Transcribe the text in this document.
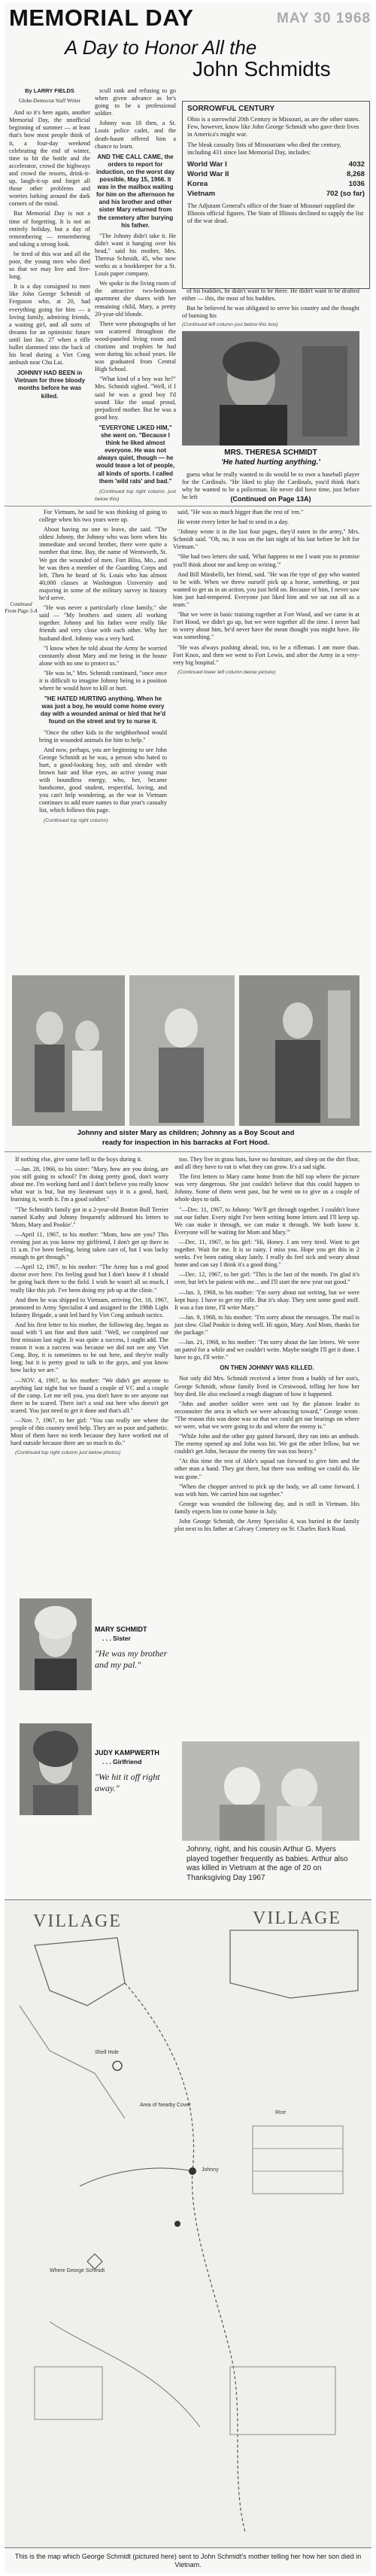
MEMORIAL DAY	MAY 30 1968
A Day to Honor All the
John Schmidts

By LARRY FIELDS

Globe-Democrat Staff Writer

And so it's here again, another Memorial Day, the unofficial beginning of summer — at least that's how most people think of it, a four-day weekend celebrating the end of winter, time to hit the bottle and the accelerator, crowd the highways and crowd the resorts, drink-it-up, laugh-it-up and forget all those other problems and worries lurking around the dark corners of the mind.

But Memorial Day is not a time of forgetting. It is not an entirely holiday, but a day of remembering — remembering and taking a strong look.

be tired of this war and all the poor, the young men who died so that we may live and live-long.

It is a day consigned to men like John George Schmidt of Ferguson who, at 20, had everything going for him — a loving family, admiring friends, a waiting girl, and all sorts of dreams for an optimistic future until last Jan. 27 when a rifle bullet slammed into the back of his head during a Viet Cong ambush near Chu Lai.

JOHNNY HAD BEEN in Vietnam for three bloody months before he was killed.

scull rank and refusing to go when given advance as he's going to be a professional soldier.

Johnny was 18 then, a St. Louis police cadet, and the death-haunt offered him a chance to learn.

AND THE CALL CAME, the orders to report for induction, on the worst day possible, May 15, 1966. It was in the mailbox waiting for him on the afternoon he and his brother and other sister Mary returned from the cemetery after burying his father.

"The Johnny didn't take it. He didn't want it hanging over his head," said his mother, Mrs. Theresa Schmidt, 45, who now works as a bookkeeper for a St. Louis paper company.

We spoke in the living room of the attractive two-bedroom apartment she shares with her remaining child, Mary, a pretty 20-year-old blonde.

There were photographs of her son scattered throughout the wood-paneled living room and citations and trophies he had won during his school years. He was graduated from Central High School.

"What kind of a boy was he?" Mrs. Schmidt sighed. "Well, if I said he was a good boy I'd sound like the usual proud, prejudiced mother. But he was a good boy.

"EVERYONE LIKED HIM," she went on. "Because I think he liked almost everyone. He was not always quiet, though — he would tease a lot of people, all kinds of sports. I called them 'wild rats' and bad."

(Continued top right column, just below this)

SORROWFUL CENTURY

Ohio is a sorrowful 20th Century in Missouri, as are the other states. Few, however, know like John George Schmidt who gave their lives in America's might war.

The bleak casualty lists of Missourians who died the century, including 431 since last Memorial Day, includes:

World War I	4032
World War II	8,268
Korea	1036
Vietnam	702 (so far)

The Adjutant General's office of the State of Missouri supplied the Illinois official figures. The State of Illinois declined to supply the list of the war dead.

of his buddies, he didn't want to be there. He didn't want to be drafted either — this, the most of his buddies.

But he believed he was obligated to serve his country and the thought of burning his

(Continued left column just below this box)
MRS. THERESA SCHMIDT
'He hated hurting anything.'

guess what he really wanted to do would be to own a baseball player for the Cardinals. "He liked to play the Cardinals, you'd think that's why he wanted to be a policeman. He never did have time, just before he left	(Continued on Page 13A)
Continued From Page 3-A

For Vietnam, he said he was thinking of going to college when his two years were up.

About having no one to leave, she said. "The oldest Johnny, the Johnny who was born when his immediate and second brother, there were quite a number that time. Bay, the name of Wentworth, St. We got the wounded of men. Fort Bliss, Mo., and he was then a member of the Guarding Corps and left. Then he heard of St. Louis who has almost 40,000 classes at Washington University and majoring in some of the military survey in history he'd serve.

"He was never a particularly close family," she said — "My brothers and sisters all working together. Johnny and his father were really like friends and very close with each other. Why her husband died. Johnny was a very hard.

"I know when he told about the Army he worried constantly about Mary and me being in the house alone with no one to protect us."

"He was in," Mrs. Schmidt continued, "once once it is difficult to imagine Johnny being in a position where he would have to kill or hurt.

"HE HATED HURTING anything. When he was just a boy, he would come home every day with a wounded animal or bird that he'd found on the street and try to nurse it.

"Once the other kids in the neighborhood would bring in wounded animals for him to help."

And now, perhaps, you are beginning to see John George Schmidt as he was, a person who hated to hurt, a good-looking boy, soft and slender with brown hair and blue eyes, an active young man with boundless energy, who, her, became handsome, good student, respectful, loving, and you can't help wondering, as the war in Vietnam continues to add more names to that year's casualty list, which follows this page.

(Continued top right column)

said, "He was so much bigger than the rest of 'em."

He wrote every letter he had to send in a day.

"Johnny wrote it in the last four pages, they'd eaten in the army," Mrs. Schmidt said. "Oh, no, it was on the last night of his last before he left for Vietnam."

"She had two letters she said, 'What happens to me I want you to promise you'll think about me and keep on writing.'"

And Bill Mirabelli, her friend, said. "He was the type of guy who wanted to be with. When we threw ourself pick up a horse, something, or just wanted to get us in an action, you just held on. Because of him, I never saw him just bad-tempered. Everyone just liked him and we sat out all as a team."

"But we were in basic training together at Fort Wood, and we came in at Fort Hood, we didn't go up, but we were together all the time. I never had to worry about him, he'd never have the mean thought you might have. He was something."

"He was always pushing ahead, too, to be a rifleman. I am more than. Fort Knox, and then we went to Fort Lewis, and after the Army in a very-very big hospital."

(Continued lower left column below picture)

Johnny and sister Mary as children; Johnny as a Boy Scout and
ready for inspection in his barracks at Fort Hood.

If nothing else, give some hell to the boys during it.

—Jan. 28, 1966, to his sister: "Mary, how are you doing, are you still going to school? I'm doing pretty good, don't worry about me. I'm working hard and I don't believe you really know what war is but, but my lieutenant says it is a good, hard, learning it, worth it. I'm a good soldier."

"The Schmidt's family got in a 2-year-old Boston Bull Terrier named Kathy and Johnny frequently addressed his letters to 'Mom, Mary and Pookie'."

—April 11, 1967, to his mother: "Mom, how are you? This evening just as you know my girlfriend, I don't get up there in 11 a.m. I've been feeling, being taken care of, but I was lucky enough to get through."

—April 12, 1967, to his mother: "The Army has a real good doctor over here. I'm feeling good but I don't know if I should be going back there to the field. I wish he wasn't all so much, I really like this job. I've been doing my job up at the clinic."

And then he was shipped to Vietnam, arriving Oct. 18, 1967, promoted to Army Specialist 4 and assigned to the 198th Light Infantry Brigade, a unit led hard by Viet Cong ambush tactics.

And his first letter to his mother, the following day, began as usual with 'I am fine and then said: "Well, we completed our first mission last night. It was quite a success, I ought add. The reason it was a success was because we did not see any Viet Cong. Boy, it is sometimes to be out here, and they're really long; but it is pretty good to talk to the guys, and you know how lucky we are."

—NOV. 4, 1967, to his mother: "We didn't get anyone to anything last night but we found a couple of VC and a couple of the camp. Let me tell you, you don't have to see anyone out there to be scared. There isn't a soul out here who doesn't get scared. You just need to get it done and that's all."

—Nov. 7, 1967, to her girl: "You can really see where the people of this country need help. They are so poor and pathetic. Most of them have no teeth because they have worked out of hard outside because there are so much to do."

(Continued top right column just below photos)

too. They live in grass huts, have no furniture, and sleep on the dirt floor, and all they have to eat is what they can grow. It's a sad sight.

The first letters to Mary came home from the hill top where the picture was very dangerous. She just couldn't believe that this could happen to Johnny. Some of them went past, but he went on to give us a couple of whole days to talk.

"—Dec. 11, 1967, to Johnny: 'We'll get through together. I couldn't leave out our father. Every night I've been writing home letters and I'll keep up. We can make it through, we can make it through. We both know it. Everyone will be waiting for Mom and Mary.'"

—Dec. 11, 1967, to his girl: "Hi, Honey. I am very tired. Want to get together. Wait for me. It is so rainy. I miss you. Hope you get this in 2 weeks. I've been eating okay lately. I really do feel sick and weary about home and can say I think it's a good thing."

—Dec. 12, 1967, to her girl: "This is the last of the month. I'm glad it's over, but let's be patient with me... and I'll start the new year out good."

—Jan. 3, 1968, to his mother: "I'm sorry about not writing, but we were kept busy. I have to get my rifle. But it's okay. They sent some good stuff. It was a fun time, I'll write Mary."

—Jan. 9, 1968, to his mother: "I'm sorry about the messages. The mail is just slow. Glad Pookie is doing well. Hi again, Mary. And Mom, thanks for the package."

—Jan. 21, 1968, to his mother: "I'm sorry about the late letters. We were on patrol for a while and we couldn't write. Maybe tonight I'll get it done. I have to go, I'll write."

ON THEN JOHNNY WAS KILLED.

Not only did Mrs. Schmidt received a letter from a buddy of her son's, George Schmidt, whose family lived in Crestwood, telling her how her boy died. He also enclosed a rough diagram of how it happened.

"John and another soldier were sent out by the platoon leader to reconnoiter the area in which we were advancing toward," George wrote. "The reason this was done was so that we could get our bearings on where we were, what we were going to do and where the enemy is."

"While John and the other guy gained forward, they ran into an ambush. The enemy opened up and John was hit. We got the other fellow, but we couldn't get John, because the enemy fire was too heavy."

"At this time the rest of Able's squad ran forward to give him and the other man a hand. They got there, but there was nothing we could do. He was gone."

"When the chopper arrived to pick up the body, we all came forward. I was with him. We carried him out together."

George was wounded the following day, and is still in Vietnam. His family expects him to come home in July.

John George Schmidt, the Army Specialist 4, was buried in the family plot next to his father at Calvary Cemetery on St. Charles Rock Road.

MARY SCHMIDT
. . . Sister
"He was my brother and my pal."
JUDY KAMPWERTH
. . . Girlfriend
"We hit it off right away."
Johnny, right, and his cousin Arthur G. Myers played together frequently as babies. Arthur also was killed in Vietnam at the age of 20 on Thanksgiving Day 1967
VILLAGE	VILLAGE
Shell Hole
Area of Nearby Cover
Johnny
Rice
Where George Schmidt
This is the map which George Schmidt (pictured here) sent to John Schmidt's mother telling her how her son died in Vietnam.
